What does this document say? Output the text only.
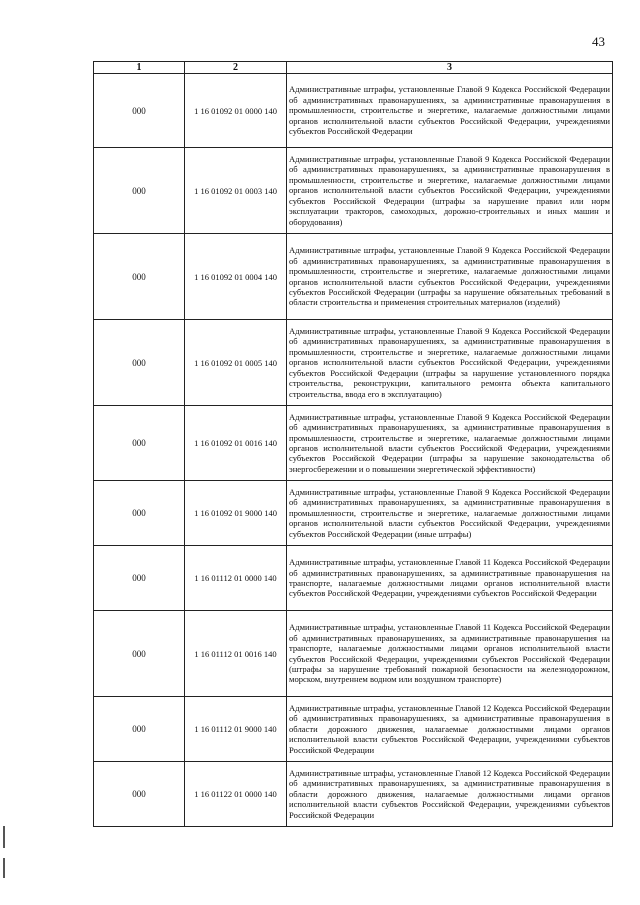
43
1	2	3
000	1 16 01092 01 0000 140	Административные штрафы, установленные Главой 9 Кодекса Российской Федерации об административных правонарушениях, за административные правонарушения в промышленности, строительстве и энергетике, налагаемые должностными лицами органов исполнительной власти субъектов Российской Федерации, учреждениями субъектов Российской Федерации
000	1 16 01092 01 0003 140	Административные штрафы, установленные Главой 9 Кодекса Российской Федерации об административных правонарушениях, за административные правонарушения в промышленности, строительстве и энергетике, налагаемые должностными лицами органов исполнительной власти субъектов Российской Федерации, учреждениями субъектов Российской Федерации (штрафы за нарушение правил или норм эксплуатации тракторов, самоходных, дорожно-строительных и иных машин и оборудования)
000	1 16 01092 01 0004 140	Административные штрафы, установленные Главой 9 Кодекса Российской Федерации об административных правонарушениях, за административные правонарушения в промышленности, строительстве и энергетике, налагаемые должностными лицами органов исполнительной власти субъектов Российской Федерации, учреждениями субъектов Российской Федерации (штрафы за нарушение обязательных требований в области строительства и применения строительных материалов (изделий)
000	1 16 01092 01 0005 140	Административные штрафы, установленные Главой 9 Кодекса Российской Федерации об административных правонарушениях, за административные правонарушения в промышленности, строительстве и энергетике, налагаемые должностными лицами органов исполнительной власти субъектов Российской Федерации, учреждениями субъектов Российской Федерации (штрафы за нарушение установленного порядка строительства, реконструкции, капитального ремонта объекта капитального строительства, ввода его в эксплуатацию)
000	1 16 01092 01 0016 140	Административные штрафы, установленные Главой 9 Кодекса Российской Федерации об административных правонарушениях, за административные правонарушения в промышленности, строительстве и энергетике, налагаемые должностными лицами органов исполнительной власти субъектов Российской Федерации, учреждениями субъектов Российской Федерации (штрафы за нарушение законодательства об энергосбережении и о повышении энергетической эффективности)
000	1 16 01092 01 9000 140	Административные штрафы, установленные Главой 9 Кодекса Российской Федерации об административных правонарушениях, за административные правонарушения в промышленности, строительстве и энергетике, налагаемые должностными лицами органов исполнительной власти субъектов Российской Федерации, учреждениями субъектов Российской Федерации (иные штрафы)
000	1 16 01112 01 0000 140	Административные штрафы, установленные Главой 11 Кодекса Российской Федерации об административных правонарушениях, за административные правонарушения на транспорте, налагаемые должностными лицами органов исполнительной власти субъектов Российской Федерации, учреждениями субъектов Российской Федерации
000	1 16 01112 01 0016 140	Административные штрафы, установленные Главой 11 Кодекса Российской Федерации об административных правонарушениях, за административные правонарушения на транспорте, налагаемые должностными лицами органов исполнительной власти субъектов Российской Федерации, учреждениями субъектов Российской Федерации (штрафы за нарушение требований пожарной безопасности на железнодорожном, морском, внутреннем водном или воздушном транспорте)
000	1 16 01112 01 9000 140	Административные штрафы, установленные Главой 12 Кодекса Российской Федерации об административных правонарушениях, за административные правонарушения в области дорожного движения, налагаемые должностными лицами органов исполнительной власти субъектов Российской Федерации, учреждениями субъектов Российской Федерации
000	1 16 01122 01 0000 140	Административные штрафы, установленные Главой 12 Кодекса Российской Федерации об административных правонарушениях, за административные правонарушения в области дорожного движения, налагаемые должностными лицами органов исполнительной власти субъектов Российской Федерации, учреждениями субъектов Российской Федерации
